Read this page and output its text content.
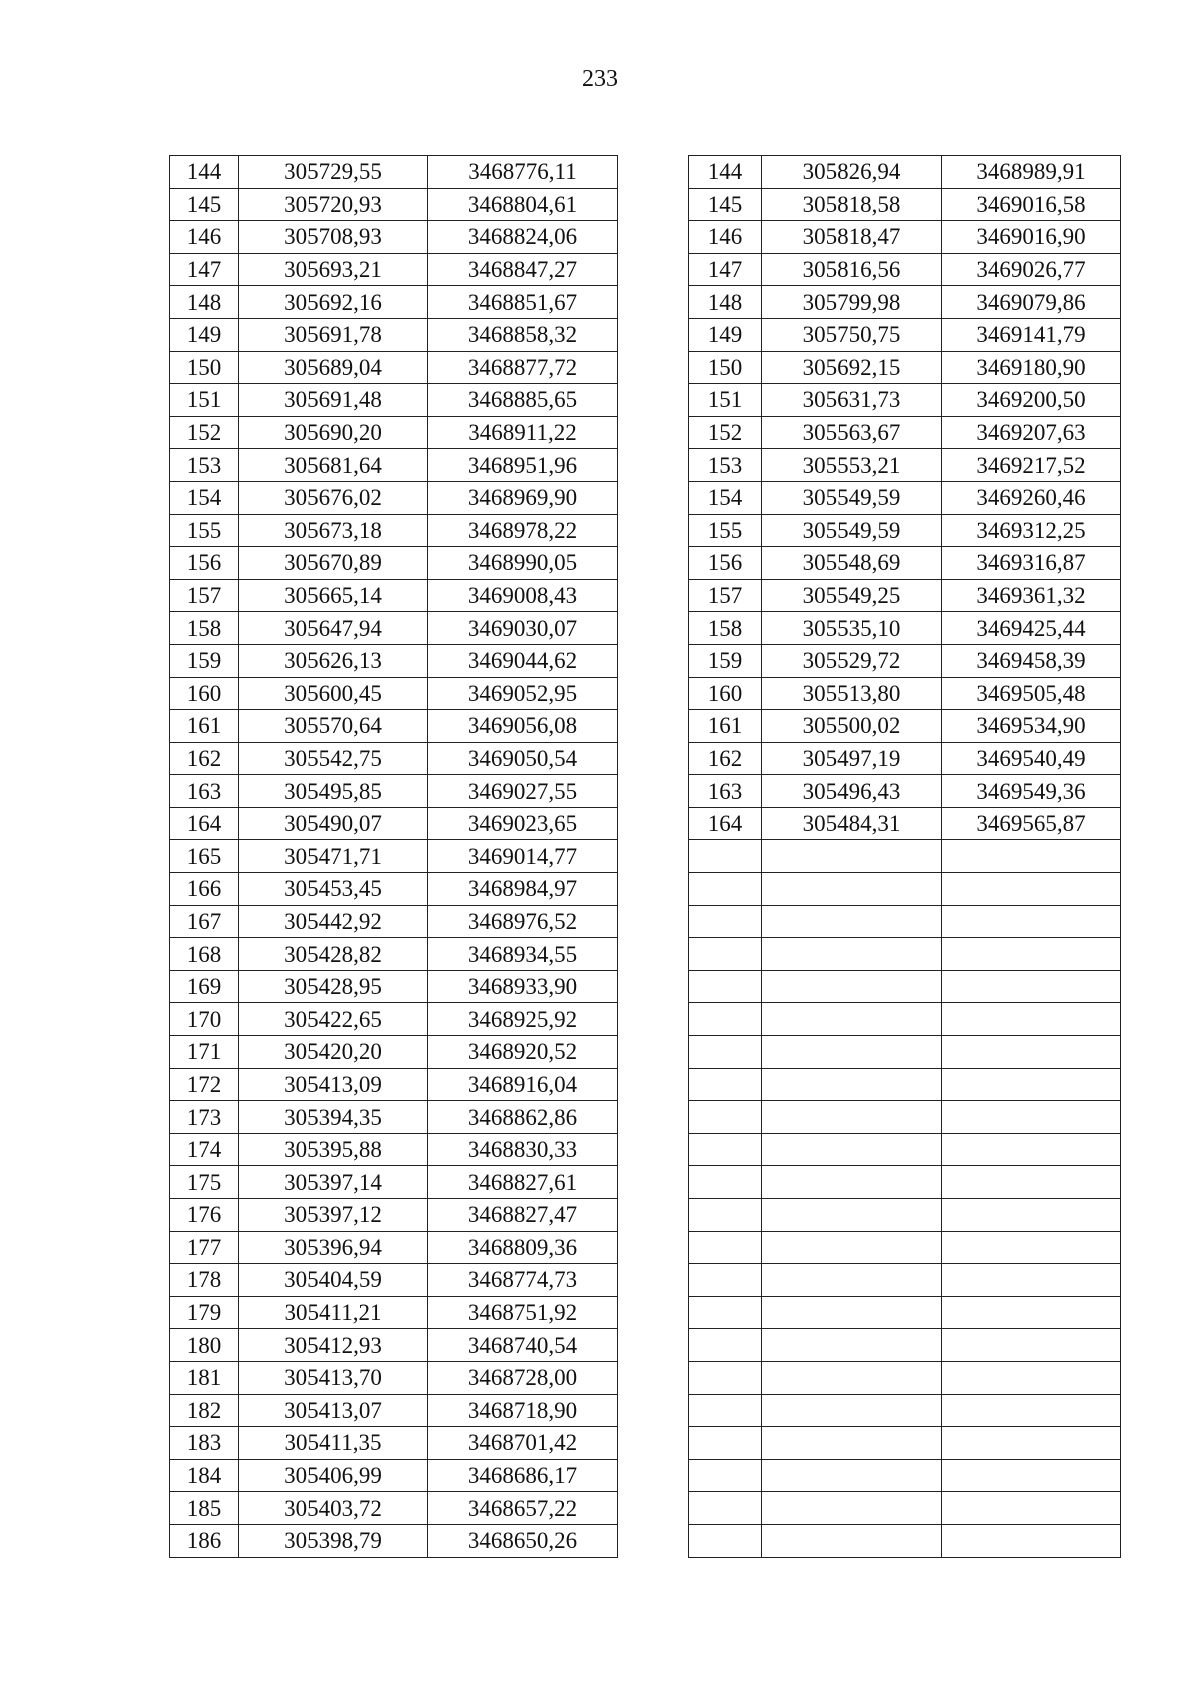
233
144	305729,55	3468776,11
145	305720,93	3468804,61
146	305708,93	3468824,06
147	305693,21	3468847,27
148	305692,16	3468851,67
149	305691,78	3468858,32
150	305689,04	3468877,72
151	305691,48	3468885,65
152	305690,20	3468911,22
153	305681,64	3468951,96
154	305676,02	3468969,90
155	305673,18	3468978,22
156	305670,89	3468990,05
157	305665,14	3469008,43
158	305647,94	3469030,07
159	305626,13	3469044,62
160	305600,45	3469052,95
161	305570,64	3469056,08
162	305542,75	3469050,54
163	305495,85	3469027,55
164	305490,07	3469023,65
165	305471,71	3469014,77
166	305453,45	3468984,97
167	305442,92	3468976,52
168	305428,82	3468934,55
169	305428,95	3468933,90
170	305422,65	3468925,92
171	305420,20	3468920,52
172	305413,09	3468916,04
173	305394,35	3468862,86
174	305395,88	3468830,33
175	305397,14	3468827,61
176	305397,12	3468827,47
177	305396,94	3468809,36
178	305404,59	3468774,73
179	305411,21	3468751,92
180	305412,93	3468740,54
181	305413,70	3468728,00
182	305413,07	3468718,90
183	305411,35	3468701,42
184	305406,99	3468686,17
185	305403,72	3468657,22
186	305398,79	3468650,26
144	305826,94	3468989,91
145	305818,58	3469016,58
146	305818,47	3469016,90
147	305816,56	3469026,77
148	305799,98	3469079,86
149	305750,75	3469141,79
150	305692,15	3469180,90
151	305631,73	3469200,50
152	305563,67	3469207,63
153	305553,21	3469217,52
154	305549,59	3469260,46
155	305549,59	3469312,25
156	305548,69	3469316,87
157	305549,25	3469361,32
158	305535,10	3469425,44
159	305529,72	3469458,39
160	305513,80	3469505,48
161	305500,02	3469534,90
162	305497,19	3469540,49
163	305496,43	3469549,36
164	305484,31	3469565,87
